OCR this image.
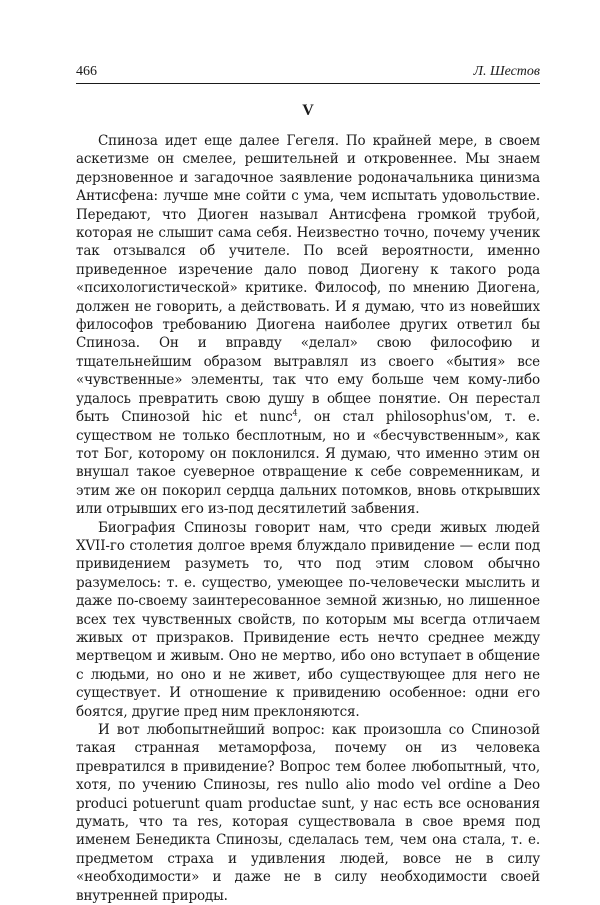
466	Л. Шестов
V

Спиноза идет еще далее Гегеля. По крайней мере, в своем аскетизме он смелее, решительней и откровеннее. Мы знаем дерзновенное и загадочное заявление родоначальника цинизма Антисфена: лучше мне сойти с ума, чем испытать удовольствие. Передают, что Диоген называл Антисфена громкой трубой, которая не слышит сама себя. Неизвестно точно, почему ученик так отзывался об учителе. По всей вероятности, именно приведенное изречение дало повод Диогену к такого рода «психологистической» критике. Философ, по мнению Диогена, должен не говорить, а действовать. И я думаю, что из новейших философов требованию Диогена наиболее других ответил бы Спиноза. Он и вправду «делал» свою философию и тщательнейшим образом вытравлял из своего «бытия» все «чувственные» элементы, так что ему больше чем кому-либо удалось превратить свою душу в общее понятие. Он перестал быть Спинозой hic et nunc$^4$, он стал philosophus'ом, т. е. существом не только бесплотным, но и «бесчувственным», как тот Бог, которому он поклонился. Я думаю, что именно этим он внушал такое суеверное отвращение к себе современникам, и этим же он покорил сердца дальних потомков, вновь открывших или отрывших его из-под десятилетий забвения.

Биография Спинозы говорит нам, что среди живых людей XVII-го столетия долгое время блуждало привидение — если под привидением разуметь то, что под этим словом обычно разумелось: т. е. существо, умеющее по-человечески мыслить и даже по-своему заинтересованное земной жизнью, но лишенное всех тех чувственных свойств, по которым мы всегда отличаем живых от призраков. Привидение есть нечто среднее между мертвецом и живым. Оно не мертво, ибо оно вступает в общение с людьми, но оно и не живет, ибо существующее для него не существует. И отношение к привидению особенное: одни его боятся, другие пред ним преклоняются.

И вот любопытнейший вопрос: как произошла со Спинозой такая странная метаморфоза, почему он из человека превратился в привидение? Вопрос тем более любопытный, что, хотя, по учению Спинозы, res nullo alio modo vel ordine a Deo produci potuerunt quam productae sunt, у нас есть все основания думать, что та res, которая существовала в свое время под именем Бенедикта Спинозы, сделалась тем, чем она стала, т. е. предметом страха и удивления людей, вовсе не в силу «необходимости» и даже не в силу необходимости своей внутренней природы.
